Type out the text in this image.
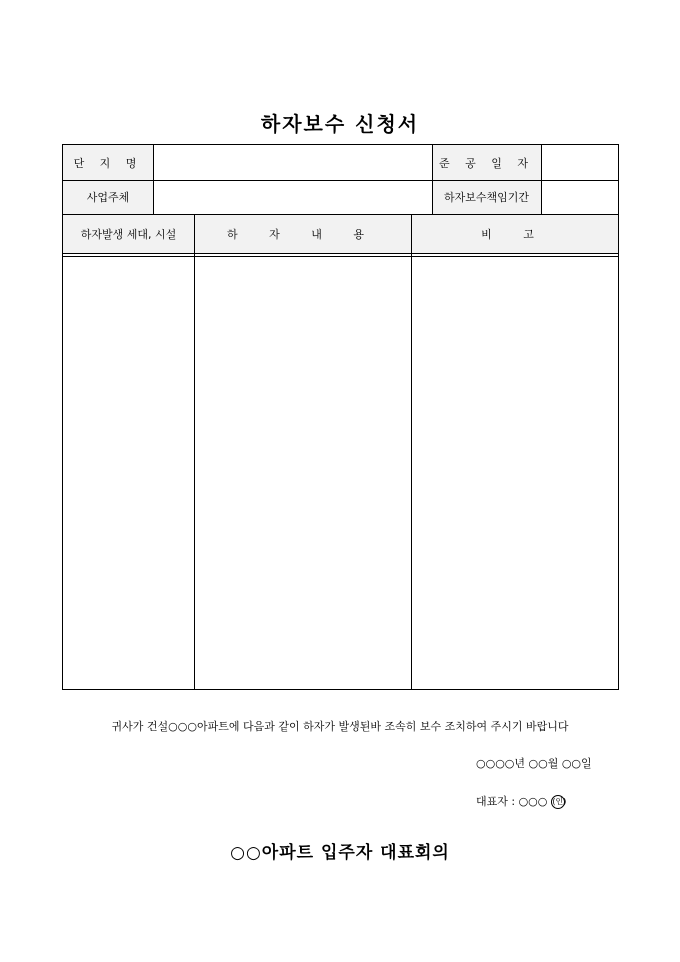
하자보수 신청서
단 지 명	준 공 일 자
사업주체	하자보수책임기간
하자발생 세대, 시설	하 자 내 용	비 고
귀사가 건설○○○아파트에 다음과 같이 하자가 발생된바 조속히 보수 조치하여 주시기 바랍니다
○○○○년 ○○월 ○○일
대표자 : ○○○ (인)
○○아파트 입주자 대표회의
